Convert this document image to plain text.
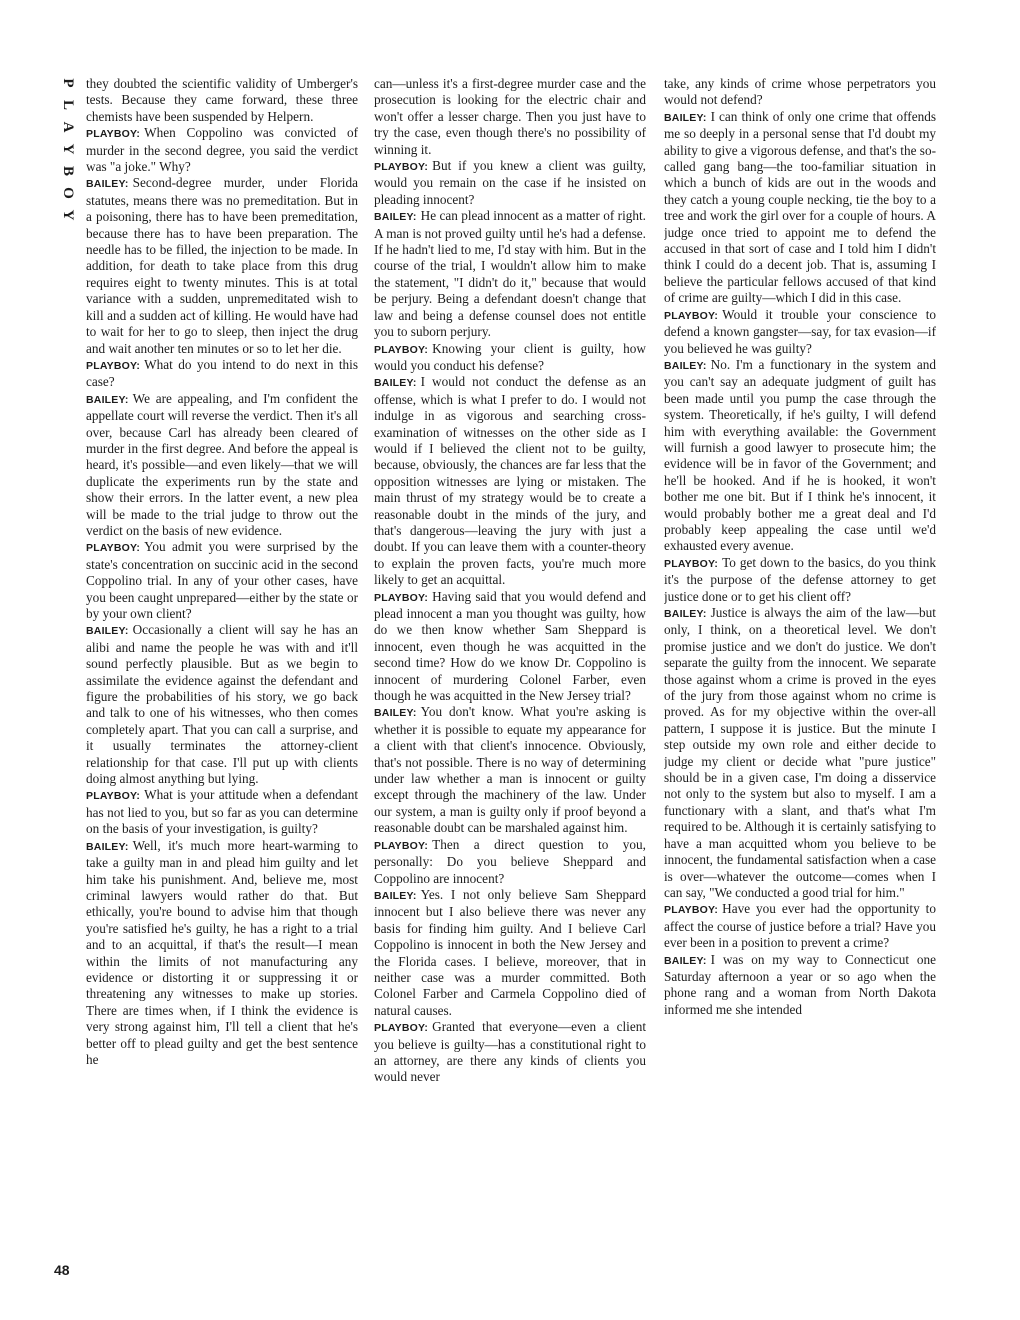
P
L
A
Y
B
O
Y
48

they doubted the scientific validity of Umberger's tests. Because they came forward, these three chemists have been suspended by Helpern.

PLAYBOY: When Coppolino was convicted of murder in the second degree, you said the verdict was "a joke." Why?

BAILEY: Second-degree murder, under Florida statutes, means there was no premeditation. But in a poisoning, there has to have been premeditation, because there has to have been preparation. The needle has to be filled, the injection to be made. In addition, for death to take place from this drug requires eight to twenty minutes. This is at total variance with a sudden, unpremeditated wish to kill and a sudden act of killing. He would have had to wait for her to go to sleep, then inject the drug and wait another ten minutes or so to let her die.

PLAYBOY: What do you intend to do next in this case?

BAILEY: We are appealing, and I'm confident the appellate court will reverse the verdict. Then it's all over, because Carl has already been cleared of murder in the first degree. And before the appeal is heard, it's possible—and even likely—that we will duplicate the experiments run by the state and show their errors. In the latter event, a new plea will be made to the trial judge to throw out the verdict on the basis of new evidence.

PLAYBOY: You admit you were surprised by the state's concentration on succinic acid in the second Coppolino trial. In any of your other cases, have you been caught unprepared—either by the state or by your own client?

BAILEY: Occasionally a client will say he has an alibi and name the people he was with and it'll sound perfectly plausible. But as we begin to assimilate the evidence against the defendant and figure the probabilities of his story, we go back and talk to one of his witnesses, who then comes completely apart. That you can call a surprise, and it usually terminates the attorney-client relationship for that case. I'll put up with clients doing almost anything but lying.

PLAYBOY: What is your attitude when a defendant has not lied to you, but so far as you can determine on the basis of your investigation, is guilty?

BAILEY: Well, it's much more heart-warming to take a guilty man in and plead him guilty and let him take his punishment. And, believe me, most criminal lawyers would rather do that. But ethically, you're bound to advise him that though you're satisfied he's guilty, he has a right to a trial and to an acquittal, if that's the result—I mean within the limits of not manufacturing any evidence or distorting it or suppressing it or threatening any witnesses to make up stories. There are times when, if I think the evidence is very strong against him, I'll tell a client that he's better off to plead guilty and get the best sentence he

can—unless it's a first-degree murder case and the prosecution is looking for the electric chair and won't offer a lesser charge. Then you just have to try the case, even though there's no possibility of winning it.

PLAYBOY: But if you knew a client was guilty, would you remain on the case if he insisted on pleading innocent?

BAILEY: He can plead innocent as a matter of right. A man is not proved guilty until he's had a defense. If he hadn't lied to me, I'd stay with him. But in the course of the trial, I wouldn't allow him to make the statement, "I didn't do it," because that would be perjury. Being a defendant doesn't change that law and being a defense counsel does not entitle you to suborn perjury.

PLAYBOY: Knowing your client is guilty, how would you conduct his defense?

BAILEY: I would not conduct the defense as an offense, which is what I prefer to do. I would not indulge in as vigorous and searching cross-examination of witnesses on the other side as I would if I believed the client not to be guilty, because, obviously, the chances are far less that the opposition witnesses are lying or mistaken. The main thrust of my strategy would be to create a reasonable doubt in the minds of the jury, and that's dangerous—leaving the jury with just a doubt. If you can leave them with a counter-theory to explain the proven facts, you're much more likely to get an acquittal.

PLAYBOY: Having said that you would defend and plead innocent a man you thought was guilty, how do we then know whether Sam Sheppard is innocent, even though he was acquitted in the second time? How do we know Dr. Coppolino is innocent of murdering Colonel Farber, even though he was acquitted in the New Jersey trial?

BAILEY: You don't know. What you're asking is whether it is possible to equate my appearance for a client with that client's innocence. Obviously, that's not possible. There is no way of determining under law whether a man is innocent or guilty except through the machinery of the law. Under our system, a man is guilty only if proof beyond a reasonable doubt can be marshaled against him.

PLAYBOY: Then a direct question to you, personally: Do you believe Sheppard and Coppolino are innocent?

BAILEY: Yes. I not only believe Sam Sheppard innocent but I also believe there was never any basis for finding him guilty. And I believe Carl Coppolino is innocent in both the New Jersey and the Florida cases. I believe, moreover, that in neither case was a murder committed. Both Colonel Farber and Carmela Coppolino died of natural causes.

PLAYBOY: Granted that everyone—even a client you believe is guilty—has a constitutional right to an attorney, are there any kinds of clients you would never

take, any kinds of crime whose perpetrators you would not defend?

BAILEY: I can think of only one crime that offends me so deeply in a personal sense that I'd doubt my ability to give a vigorous defense, and that's the so-called gang bang—the too-familiar situation in which a bunch of kids are out in the woods and they catch a young couple necking, tie the boy to a tree and work the girl over for a couple of hours. A judge once tried to appoint me to defend the accused in that sort of case and I told him I didn't think I could do a decent job. That is, assuming I believe the particular fellows accused of that kind of crime are guilty—which I did in this case.

PLAYBOY: Would it trouble your conscience to defend a known gangster—say, for tax evasion—if you believed he was guilty?

BAILEY: No. I'm a functionary in the system and you can't say an adequate judgment of guilt has been made until you pump the case through the system. Theoretically, if he's guilty, I will defend him with everything available: the Government will furnish a good lawyer to prosecute him; the evidence will be in favor of the Government; and he'll be hooked. And if he is hooked, it won't bother me one bit. But if I think he's innocent, it would probably bother me a great deal and I'd probably keep appealing the case until we'd exhausted every avenue.

PLAYBOY: To get down to the basics, do you think it's the purpose of the defense attorney to get justice done or to get his client off?

BAILEY: Justice is always the aim of the law—but only, I think, on a theoretical level. We don't promise justice and we don't do justice. We don't separate the guilty from the innocent. We separate those against whom a crime is proved in the eyes of the jury from those against whom no crime is proved. As for my objective within the over-all pattern, I suppose it is justice. But the minute I step outside my own role and either decide to judge my client or decide what "pure justice" should be in a given case, I'm doing a disservice not only to the system but also to myself. I am a functionary with a slant, and that's what I'm required to be. Although it is certainly satisfying to have a man acquitted whom you believe to be innocent, the fundamental satisfaction when a case is over—whatever the outcome—comes when I can say, "We conducted a good trial for him."

PLAYBOY: Have you ever had the opportunity to affect the course of justice before a trial? Have you ever been in a position to prevent a crime?

BAILEY: I was on my way to Connecticut one Saturday afternoon a year or so ago when the phone rang and a woman from North Dakota informed me she intended
